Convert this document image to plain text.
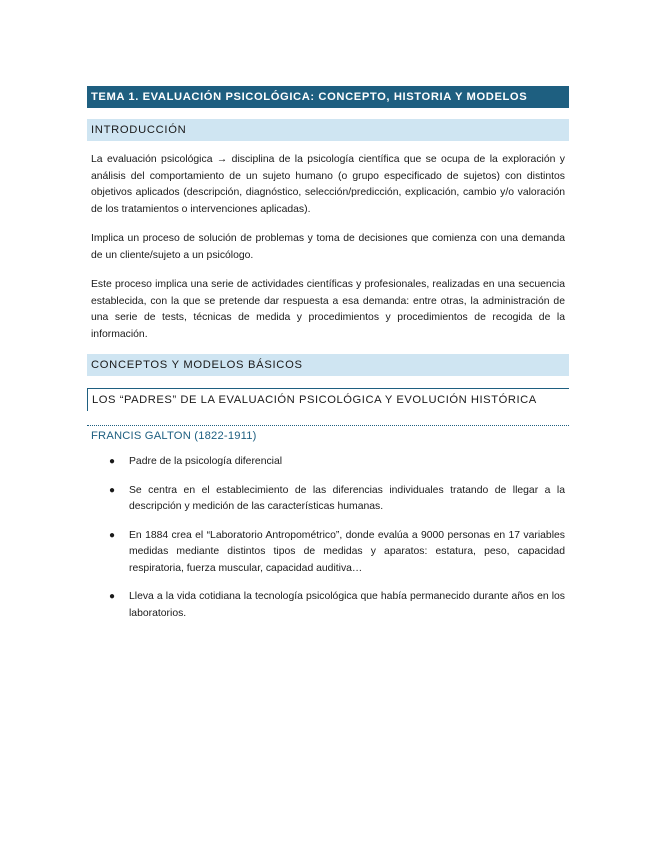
TEMA 1. EVALUACIÓN PSICOLÓGICA: CONCEPTO, HISTORIA Y MODELOS
INTRODUCCIÓN

La evaluación psicológica → disciplina de la psicología científica que se ocupa de la exploración y análisis del comportamiento de un sujeto humano (o grupo especificado de sujetos) con distintos objetivos aplicados (descripción, diagnóstico, selección/predicción, explicación, cambio y/o valoración de los tratamientos o intervenciones aplicadas).

Implica un proceso de solución de problemas y toma de decisiones que comienza con una demanda de un cliente/sujeto a un psicólogo.

Este proceso implica una serie de actividades científicas y profesionales, realizadas en una secuencia establecida, con la que se pretende dar respuesta a esa demanda: entre otras, la administración de una serie de tests, técnicas de medida y procedimientos y procedimientos de recogida de la información.

CONCEPTOS Y MODELOS BÁSICOS
LOS “PADRES” DE LA EVALUACIÓN PSICOLÓGICA Y EVOLUCIÓN HISTÓRICA
FRANCIS GALTON (1822-1911)
● Padre de la psicología diferencial
● Se centra en el establecimiento de las diferencias individuales tratando de llegar a la descripción y medición de las características humanas.
● En 1884 crea el “Laboratorio Antropométrico”, donde evalúa a 9000 personas en 17 variables medidas mediante distintos tipos de medidas y aparatos: estatura, peso, capacidad respiratoria, fuerza muscular, capacidad auditiva…
● Lleva a la vida cotidiana la tecnología psicológica que había permanecido durante años en los laboratorios.
